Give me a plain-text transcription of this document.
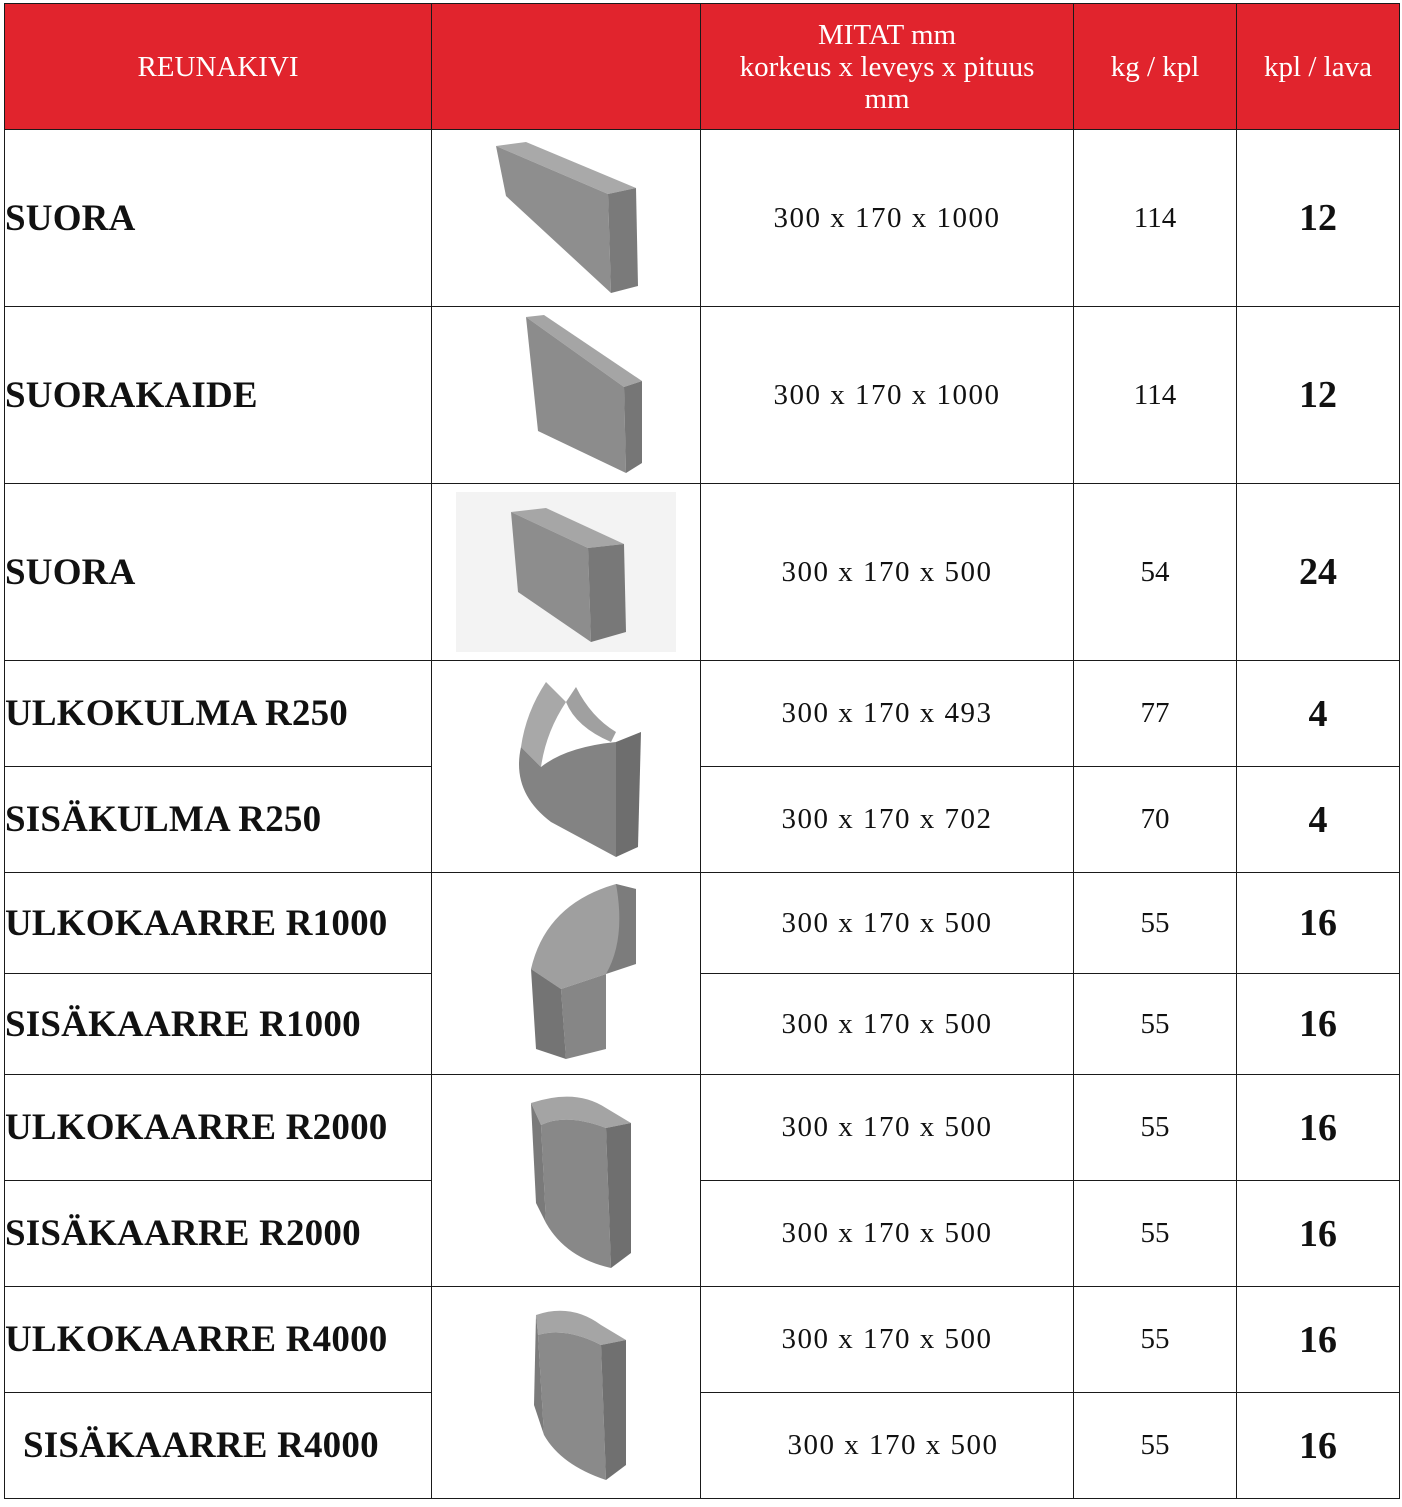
REUNAKIVI		MITAT mm
korkeus x leveys x pituus
mm	kg / kpl	kpl / lava
SUORA		300 x 170 x 1000	114	12
SUORAKAIDE		300 x 170 x 1000	114	12
SUORA		300 x 170 x 500	54	24
ULKOKULMA R250		300 x 170 x 493	77	4
SISÄKULMA R250		300 x 170 x 702	70	4
ULKOKAARRE R1000		300 x 170 x 500	55	16
SISÄKAARRE R1000		300 x 170 x 500	55	16
ULKOKAARRE R2000		300 x 170 x 500	55	16
SISÄKAARRE R2000		300 x 170 x 500	55	16
ULKOKAARRE R4000		300 x 170 x 500	55	16
SISÄKAARRE R4000		300 x 170 x 500	55	16
